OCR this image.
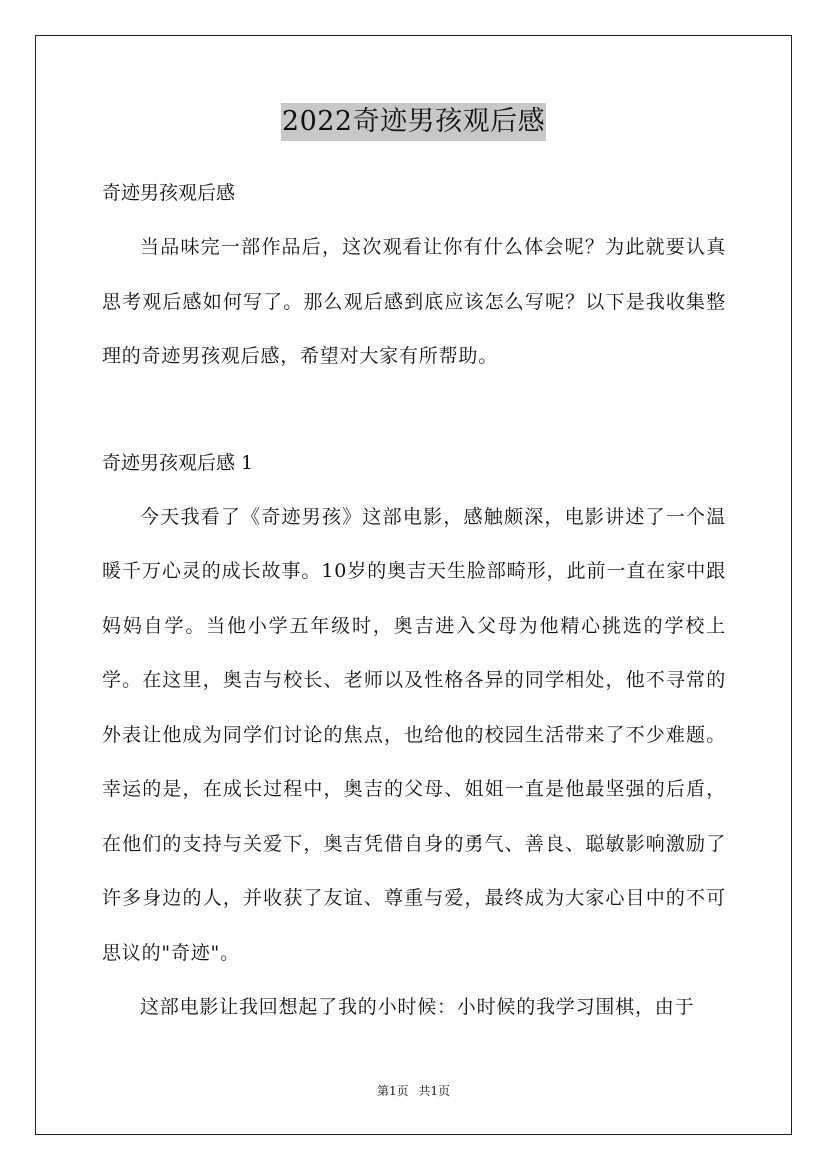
2022奇迹男孩观后感

奇迹男孩观后感

当品味完一部作品后，这次观看让你有什么体会呢？为此就要认真思考观后感如何写了。那么观后感到底应该怎么写呢？以下是我收集整理的奇迹男孩观后感，希望对大家有所帮助。

奇迹男孩观后感 1

今天我看了《奇迹男孩》这部电影，感触颇深，电影讲述了一个温暖千万心灵的成长故事。10岁的奥吉天生脸部畸形，此前一直在家中跟妈妈自学。当他小学五年级时，奥吉进入父母为他精心挑选的学校上学。在这里，奥吉与校长、老师以及性格各异的同学相处，他不寻常的外表让他成为同学们讨论的焦点，也给他的校园生活带来了不少难题。幸运的是，在成长过程中，奥吉的父母、姐姐一直是他最坚强的后盾，在他们的支持与关爱下，奥吉凭借自身的勇气、善良、聪敏影响激励了许多身边的人，并收获了友谊、尊重与爱，最终成为大家心目中的不可思议的"奇迹"。

这部电影让我回想起了我的小时候：小时候的我学习围棋，由于

第1页 共1页
